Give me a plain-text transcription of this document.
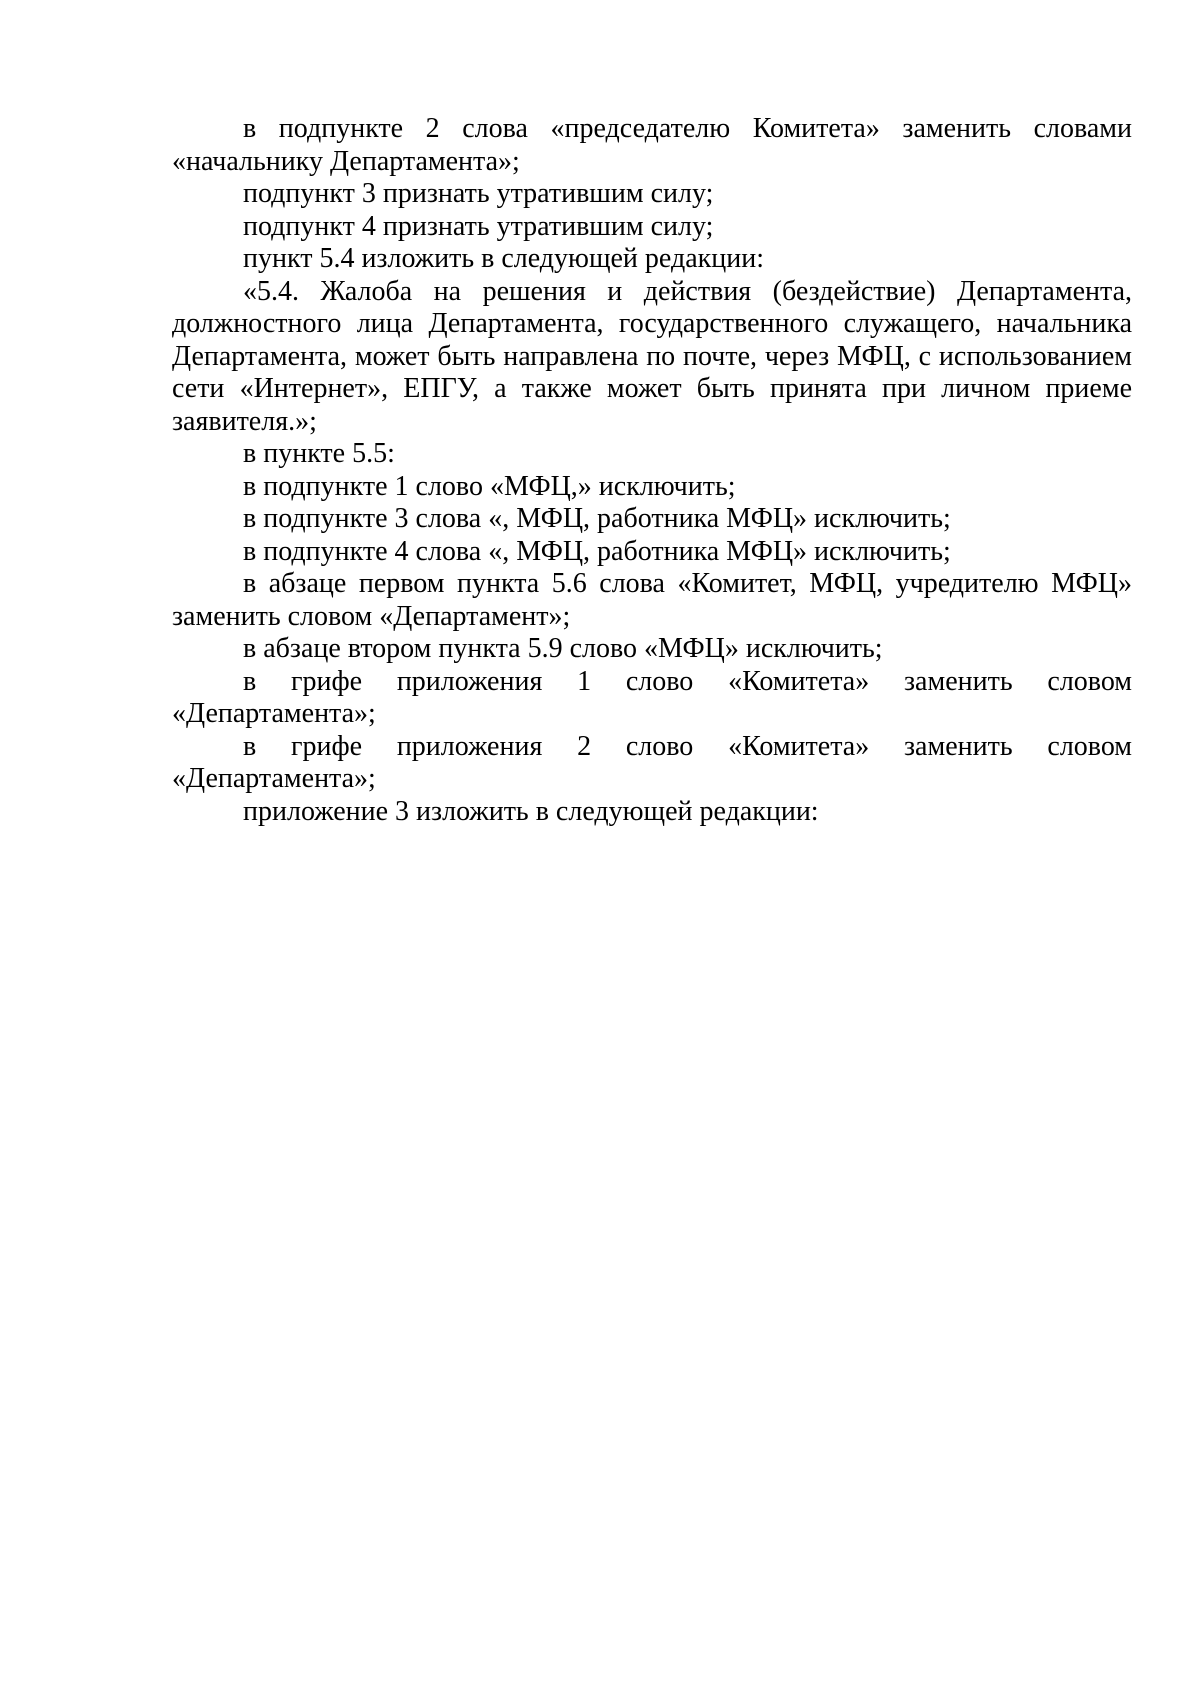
в подпункте 2 слова «председателю Комитета» заменить словами «начальнику Департамента»;

подпункт 3 признать утратившим силу;

подпункт 4 признать утратившим силу;

пункт 5.4 изложить в следующей редакции:

«5.4. Жалоба на решения и действия (бездействие) Департамента, должностного лица Департамента, государственного служащего, начальника Департамента, может быть направлена по почте, через МФЦ, с использованием сети «Интернет», ЕПГУ, а также может быть принята при личном приеме заявителя.»;

в пункте 5.5:

в подпункте 1 слово «МФЦ,» исключить;

в подпункте 3 слова «, МФЦ, работника МФЦ» исключить;

в подпункте 4 слова «, МФЦ, работника МФЦ» исключить;

в абзаце первом пункта 5.6 слова «Комитет, МФЦ, учредителю МФЦ» заменить словом «Департамент»;

в абзаце втором пункта 5.9 слово «МФЦ» исключить;

в грифе приложения 1 слово «Комитета» заменить словом «Департамента»;

в грифе приложения 2 слово «Комитета» заменить словом «Департамента»;

приложение 3 изложить в следующей редакции:
